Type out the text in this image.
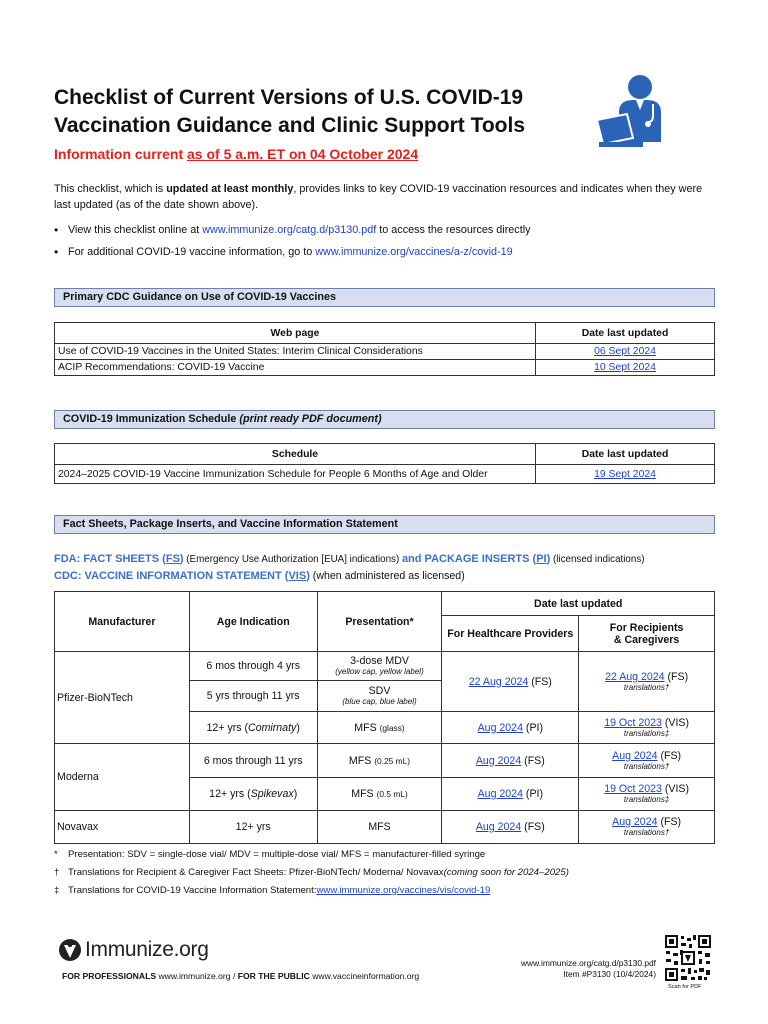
Checklist of Current Versions of U.S. COVID-19
Vaccination Guidance and Clinic Support Tools
Information current as of 5 a.m. ET on 04 October 2024
This checklist, which is updated at least monthly, provides links to key COVID-19 vaccination resources and indicates when they were last updated (as of the date shown above).
• View this checklist online at
www.immunize.org/catg.d/p3130.pdf
to access the resources directly
• For additional COVID-19 vaccine information, go to
www.immunize.org/vaccines/a-z/covid-19
Primary CDC Guidance on Use of COVID-19 Vaccines
Web page	Date last updated
Use of COVID-19 Vaccines in the United States: Interim Clinical Considerations	06 Sept 2024
ACIP Recommendations: COVID-19 Vaccine	10 Sept 2024
COVID-19 Immunization Schedule (print ready PDF document)
Schedule	Date last updated
2024–2025 COVID-19 Vaccine Immunization Schedule for People 6 Months of Age and Older	19 Sept 2024
Fact Sheets, Package Inserts, and Vaccine Information Statement
FDA: FACT SHEETS (FS) (Emergency Use Authorization [EUA] indications) and PACKAGE INSERTS (PI) (licensed indications)
CDC: VACCINE INFORMATION STATEMENT (VIS) (when administered as licensed)
Manufacturer	Age Indication	Presentation*	Date last updated	
			For Healthcare Providers	For Recipients
& Caregivers
Pfizer-BioNTech	6 mos through 4 yrs	3-dose MDV
(yellow cap, yellow label)	22 Aug 2024 (FS)	22 Aug 2024 (FS)
translations†

	5 yrs through 11 yrs	SDV
(blue cap, blue label)		

	12+ yrs (Comirnaty)	MFS (glass)	Aug 2024 (PI)	19 Oct 2023 (VIS)
translations‡

Moderna	6 mos through 11 yrs	MFS (0.25 mL)	Aug 2024 (FS)	Aug 2024 (FS)
translations†

	12+ yrs (Spikevax)	MFS (0.5 mL)	Aug 2024 (PI)	19 Oct 2023 (VIS)
translations‡

Novavax	12+ yrs	MFS	Aug 2024 (FS)	Aug 2024 (FS)
translations†
*	Presentation: SDV = single-dose vial/ MDV = multiple-dose vial/ MFS = manufacturer-filled syringe
† Translations for Recipient & Caregiver Fact Sheets: Pfizer-BioNTech/ Moderna/ Novavax (coming soon for 2024–2025)
‡ Translations for COVID-19 Vaccine Information Statement: www.immunize.org/vaccines/vis/covid-19
Immunize.org
FOR PROFESSIONALS www.immunize.org / FOR THE PUBLIC www.vaccineinformation.org
www.immunize.org/catg.d/p3130.pdf
Item #P3130 (10/4/2024)
Scan for PDF
